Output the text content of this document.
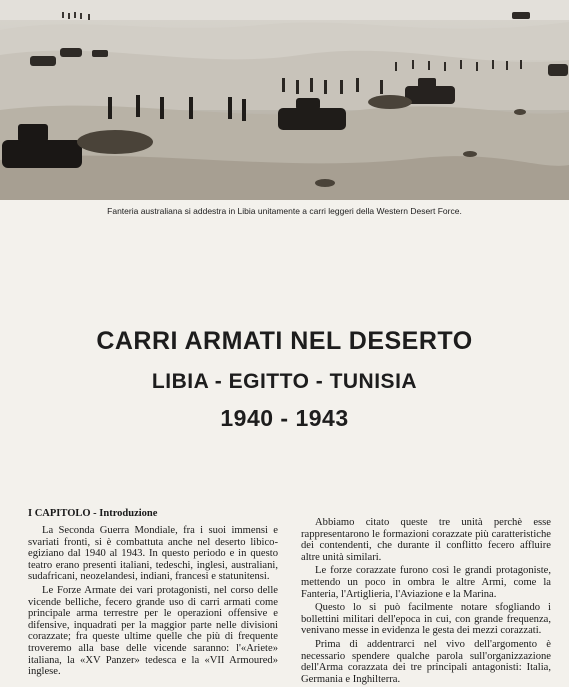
Fanteria australiana si addestra in Libia unitamente a carri leggeri della Western Desert Force.
CARRI ARMATI NEL DESERTO
LIBIA - EGITTO - TUNISIA
1940 - 1943
I CAPITOLO - Introduzione

La Seconda Guerra Mondiale, fra i suoi immensi e svariati fronti, si è combattuta anche nel deserto libico-egiziano dal 1940 al 1943. In questo periodo e in questo teatro erano presenti italiani, tedeschi, inglesi, australiani, sudafricani, neozelandesi, indiani, francesi e statunitensi.

Le Forze Armate dei vari protagonisti, nel corso delle vicende belliche, fecero grande uso di carri armati come principale arma terrestre per le operazioni offensive e difensive, inquadrati per la maggior parte nelle divisioni corazzate; fra queste ultime quelle che più di frequente troveremo alla base delle vicende saranno: l'«Ariete» italiana, la «XV Panzer» tedesca e la «VII Armoured» inglese.

Abbiamo citato queste tre unità perchè esse rappresentarono le formazioni corazzate più caratteristiche dei contendenti, che durante il conflitto fecero affluire altre unità similari.

Le forze corazzate furono così le grandi protagoniste, mettendo un poco in ombra le altre Armi, come la Fanteria, l'Artiglieria, l'Aviazione e la Marina.

Questo lo si può facilmente notare sfogliando i bollettini militari dell'epoca in cui, con grande frequenza, venivano messe in evidenza le gesta dei mezzi corazzati.

Prima di addentrarci nel vivo dell'argomento è necessario spendere qualche parola sull'organizzazione dell'Arma corazzata dei tre principali antagonisti: Italia, Germania e Inghilterra.
